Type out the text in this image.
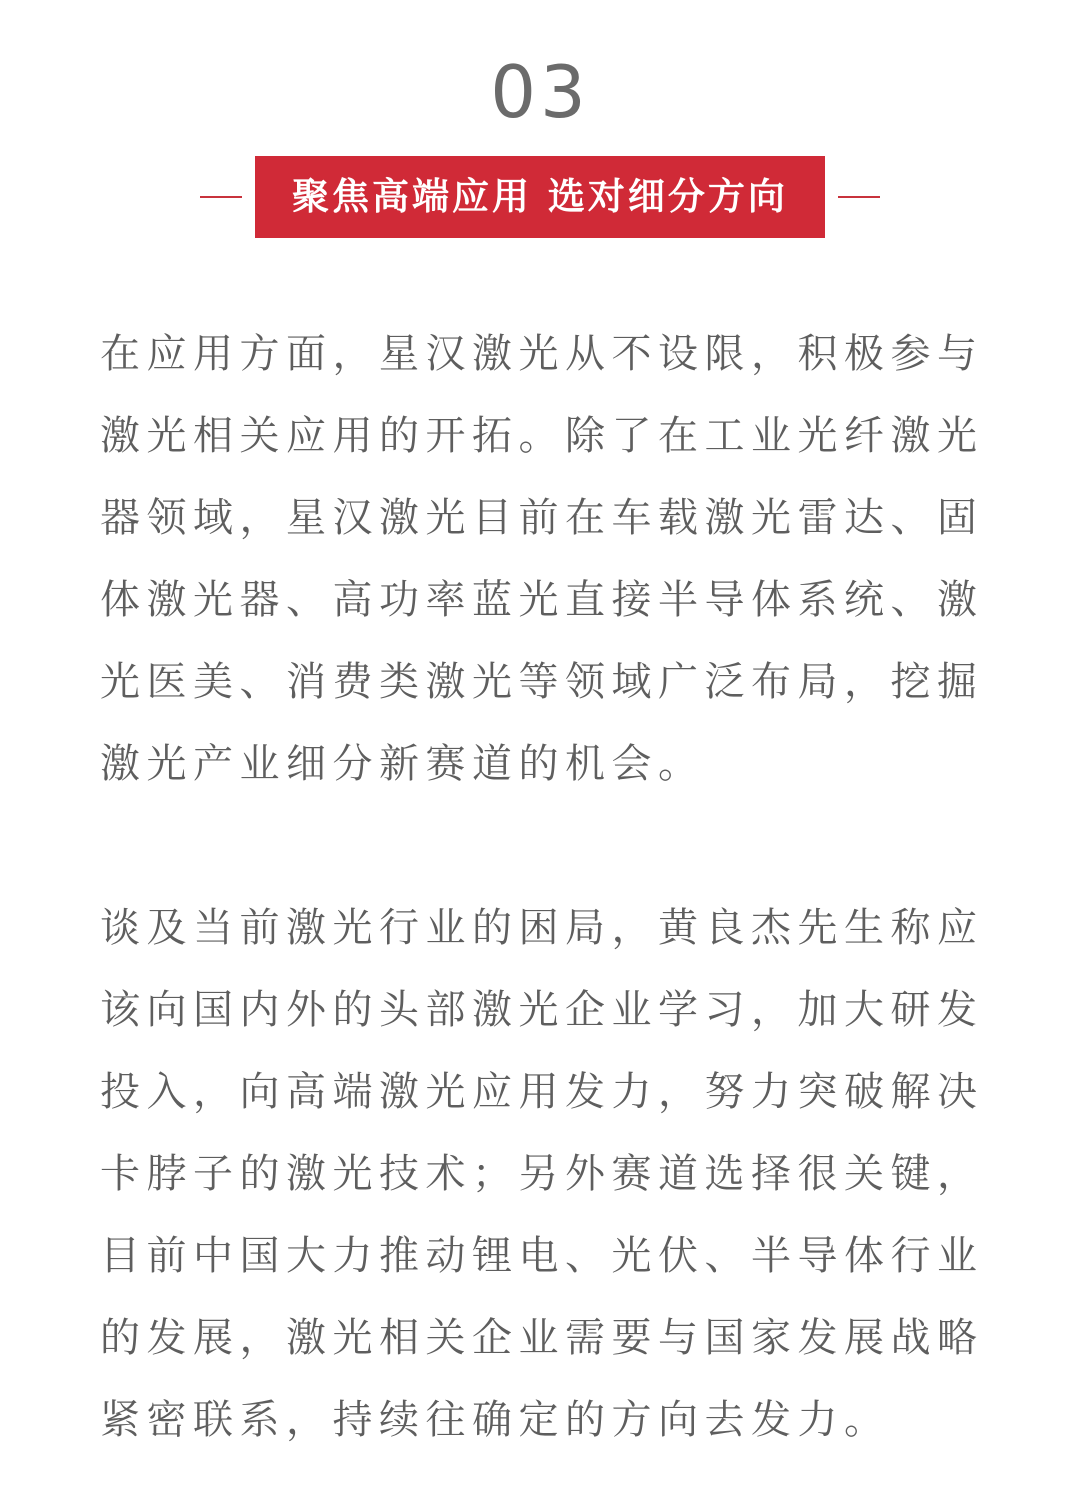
03
聚焦高端应用 选对细分方向

在应用方面，星汉激光从不设限，积极参与激光相关应用的开拓。除了在工业光纤激光器领域，星汉激光目前在车载激光雷达、固体激光器、高功率蓝光直接半导体系统、激光医美、消费类激光等领域广泛布局，挖掘激光产业细分新赛道的机会。

谈及当前激光行业的困局，黄良杰先生称应该向国内外的头部激光企业学习，加大研发投入，向高端激光应用发力，努力突破解决卡脖子的激光技术；另外赛道选择很关键，目前中国大力推动锂电、光伏、半导体行业的发展，激光相关企业需要与国家发展战略紧密联系，持续往确定的方向去发力。
